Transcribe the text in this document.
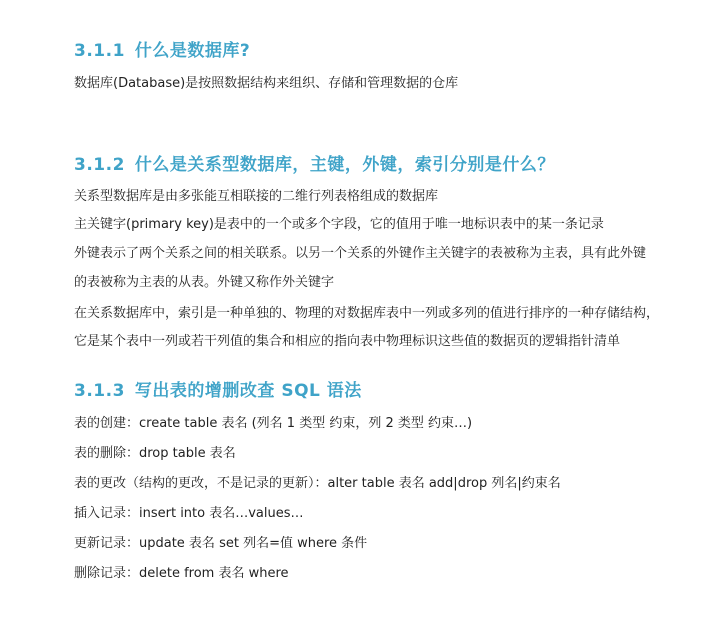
3.1.1 什么是数据库?
数据库(Database)是按照数据结构来组织、存储和管理数据的仓库
3.1.2 什么是关系型数据库，主键，外键，索引分别是什么？
关系型数据库是由多张能互相联接的二维行列表格组成的数据库
主关键字(primary key)是表中的一个或多个字段，它的值用于唯一地标识表中的某一条记录
外键表示了两个关系之间的相关联系。以另一个关系的外键作主关键字的表被称为主表，具有此外键
的表被称为主表的从表。外键又称作外关键字
在关系数据库中，索引是一种单独的、物理的对数据库表中一列或多列的值进行排序的一种存储结构，
它是某个表中一列或若干列值的集合和相应的指向表中物理标识这些值的数据页的逻辑指针清单
3.1.3 写出表的增删改查 SQL 语法
表的创建：create table 表名 (列名 1 类型 约束，列 2 类型 约束…)
表的删除：drop table 表名
表的更改（结构的更改，不是记录的更新）：alter table 表名 add|drop 列名|约束名
插入记录：insert into 表名…values…
更新记录：update 表名 set 列名=值 where 条件
删除记录：delete from 表名 where
